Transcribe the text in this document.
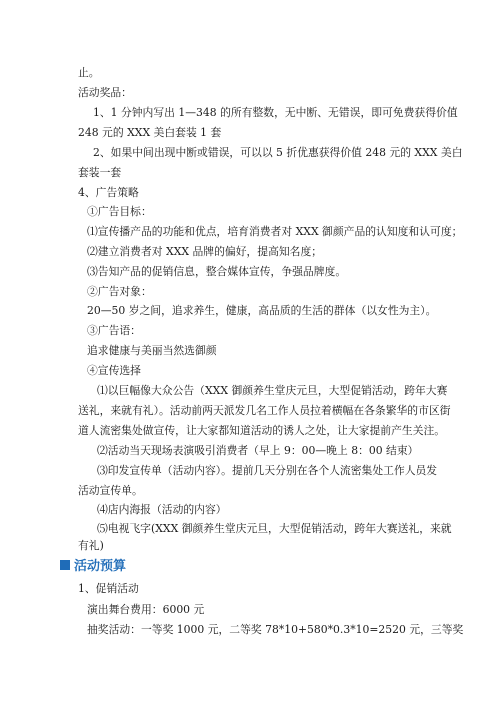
止。
活动奖品：
1、1 分钟内写出 1—348 的所有整数，无中断、无错误，即可免费获得价值
248 元的 XXX 美白套装 1 套
2、如果中间出现中断或错误，可以以 5 折优惠获得价值 248 元的 XXX 美白
套装一套
4、广告策略
①广告目标：
⑴宣传播产品的功能和优点，培育消费者对 XXX 御颜产品的认知度和认可度；
⑵建立消费者对 XXX 品牌的偏好，提高知名度；
⑶告知产品的促销信息，整合媒体宣传，争强品牌度。
②广告对象：
20—50 岁之间，追求养生，健康，高品质的生活的群体（以女性为主）。
③广告语：
追求健康与美丽当然选御颜
④宣传选择
⑴以巨幅像大众公告（XXX 御颜养生堂庆元旦，大型促销活动，跨年大赛
送礼，来就有礼）。活动前两天派发几名工作人员拉着横幅在各条繁华的市区街
道人流密集处做宣传，让大家都知道活动的诱人之处，让大家提前产生关注。
⑵活动当天现场表演吸引消费者（早上 9：00—晚上 8：00 结束）
⑶印发宣传单（活动内容）。提前几天分别在各个人流密集处工作人员发
活动宣传单。
⑷店内海报（活动的内容）
⑸电视飞字(XXX 御颜养生堂庆元旦，大型促销活动，跨年大赛送礼，来就
有礼)
活动预算
1、促销活动
演出舞台费用：6000 元
抽奖活动：一等奖 1000 元，二等奖 78*10+580*0.3*10=2520 元，三等奖
